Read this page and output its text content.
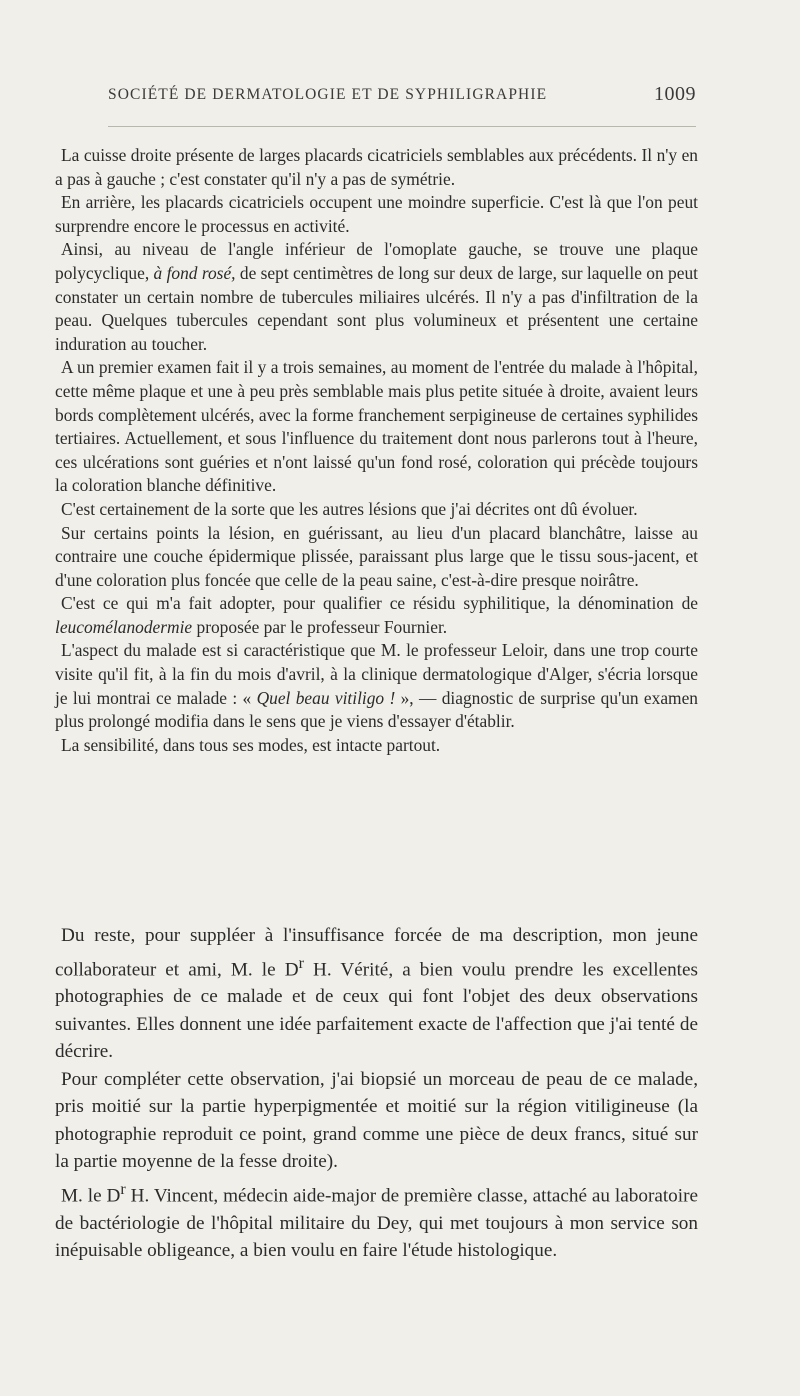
SOCIÉTÉ DE DERMATOLOGIE ET DE SYPHILIGRAPHIE	1009

La cuisse droite présente de larges placards cicatriciels semblables aux précédents. Il n'y en a pas à gauche ; c'est constater qu'il n'y a pas de symétrie.

En arrière, les placards cicatriciels occupent une moindre superficie. C'est là que l'on peut surprendre encore le processus en activité.

Ainsi, au niveau de l'angle inférieur de l'omoplate gauche, se trouve une plaque polycyclique, à fond rosé, de sept centimètres de long sur deux de large, sur laquelle on peut constater un certain nombre de tubercules miliaires ulcérés. Il n'y a pas d'infiltration de la peau. Quelques tubercules cependant sont plus volumineux et présentent une certaine induration au toucher.

A un premier examen fait il y a trois semaines, au moment de l'entrée du malade à l'hôpital, cette même plaque et une à peu près semblable mais plus petite située à droite, avaient leurs bords complètement ulcérés, avec la forme franchement serpigineuse de certaines syphilides tertiaires. Actuellement, et sous l'influence du traitement dont nous parlerons tout à l'heure, ces ulcérations sont guéries et n'ont laissé qu'un fond rosé, coloration qui précède toujours la coloration blanche définitive.

C'est certainement de la sorte que les autres lésions que j'ai décrites ont dû évoluer.

Sur certains points la lésion, en guérissant, au lieu d'un placard blanchâtre, laisse au contraire une couche épidermique plissée, paraissant plus large que le tissu sous-jacent, et d'une coloration plus foncée que celle de la peau saine, c'est-à-dire presque noirâtre.

C'est ce qui m'a fait adopter, pour qualifier ce résidu syphilitique, la dénomination de leucomélanodermie proposée par le professeur Fournier.

L'aspect du malade est si caractéristique que M. le professeur Leloir, dans une trop courte visite qu'il fit, à la fin du mois d'avril, à la clinique dermatologique d'Alger, s'écria lorsque je lui montrai ce malade : « Quel beau vitiligo ! », — diagnostic de surprise qu'un examen plus prolongé modifia dans le sens que je viens d'essayer d'établir.

La sensibilité, dans tous ses modes, est intacte partout.

Du reste, pour suppléer à l'insuffisance forcée de ma description, mon jeune collaborateur et ami, M. le $D^r$ H. Vérité, a bien voulu prendre les excellentes photographies de ce malade et de ceux qui font l'objet des deux observations suivantes. Elles donnent une idée parfaitement exacte de l'affection que j'ai tenté de décrire.

Pour compléter cette observation, j'ai biopsié un morceau de peau de ce malade, pris moitié sur la partie hyperpigmentée et moitié sur la région vitiligineuse (la photographie reproduit ce point, grand comme une pièce de deux francs, situé sur la partie moyenne de la fesse droite).

M. le $D^r$ H. Vincent, médecin aide-major de première classe, attaché au laboratoire de bactériologie de l'hôpital militaire du Dey, qui met toujours à mon service son inépuisable obligeance, a bien voulu en faire l'étude histologique.
